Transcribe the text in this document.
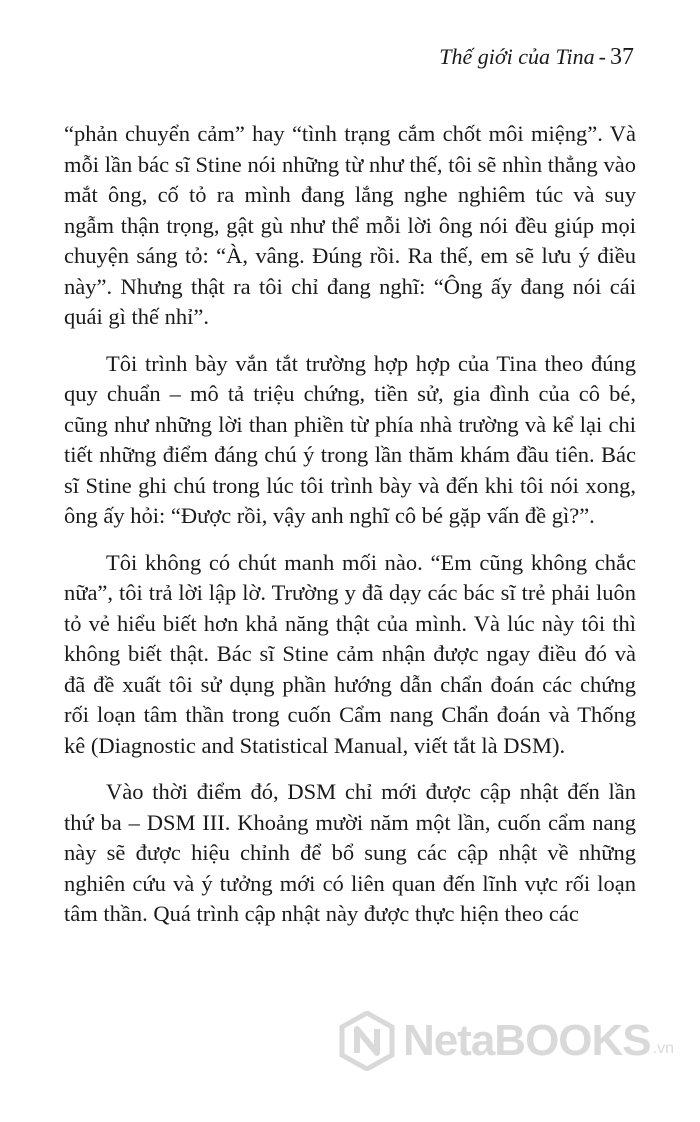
Thế giới của Tina - 37

“phản chuyển cảm” hay “tình trạng cắm chốt môi miệng”. Và mỗi lần bác sĩ Stine nói những từ như thế, tôi sẽ nhìn thẳng vào mắt ông, cố tỏ ra mình đang lắng nghe nghiêm túc và suy ngẫm thận trọng, gật gù như thể mỗi lời ông nói đều giúp mọi chuyện sáng tỏ: “À, vâng. Đúng rồi. Ra thế, em sẽ lưu ý điều này”. Nhưng thật ra tôi chỉ đang nghĩ: “Ông ấy đang nói cái quái gì thế nhỉ”.

Tôi trình bày vắn tắt trường hợp hợp của Tina theo đúng quy chuẩn – mô tả triệu chứng, tiền sử, gia đình của cô bé, cũng như những lời than phiền từ phía nhà trường và kể lại chi tiết những điểm đáng chú ý trong lần thăm khám đầu tiên. Bác sĩ Stine ghi chú trong lúc tôi trình bày và đến khi tôi nói xong, ông ấy hỏi: “Được rồi, vậy anh nghĩ cô bé gặp vấn đề gì?”.

Tôi không có chút manh mối nào. “Em cũng không chắc nữa”, tôi trả lời lập lờ. Trường y đã dạy các bác sĩ trẻ phải luôn tỏ vẻ hiểu biết hơn khả năng thật của mình. Và lúc này tôi thì không biết thật. Bác sĩ Stine cảm nhận được ngay điều đó và đã đề xuất tôi sử dụng phần hướng dẫn chẩn đoán các chứng rối loạn tâm thần trong cuốn Cẩm nang Chẩn đoán và Thống kê (Diagnostic and Statistical Manual, viết tắt là DSM).

Vào thời điểm đó, DSM chỉ mới được cập nhật đến lần thứ ba – DSM III. Khoảng mười năm một lần, cuốn cẩm nang này sẽ được hiệu chỉnh để bổ sung các cập nhật về những nghiên cứu và ý tưởng mới có liên quan đến lĩnh vực rối loạn tâm thần. Quá trình cập nhật này được thực hiện theo các

NetaBOOKS .vn
